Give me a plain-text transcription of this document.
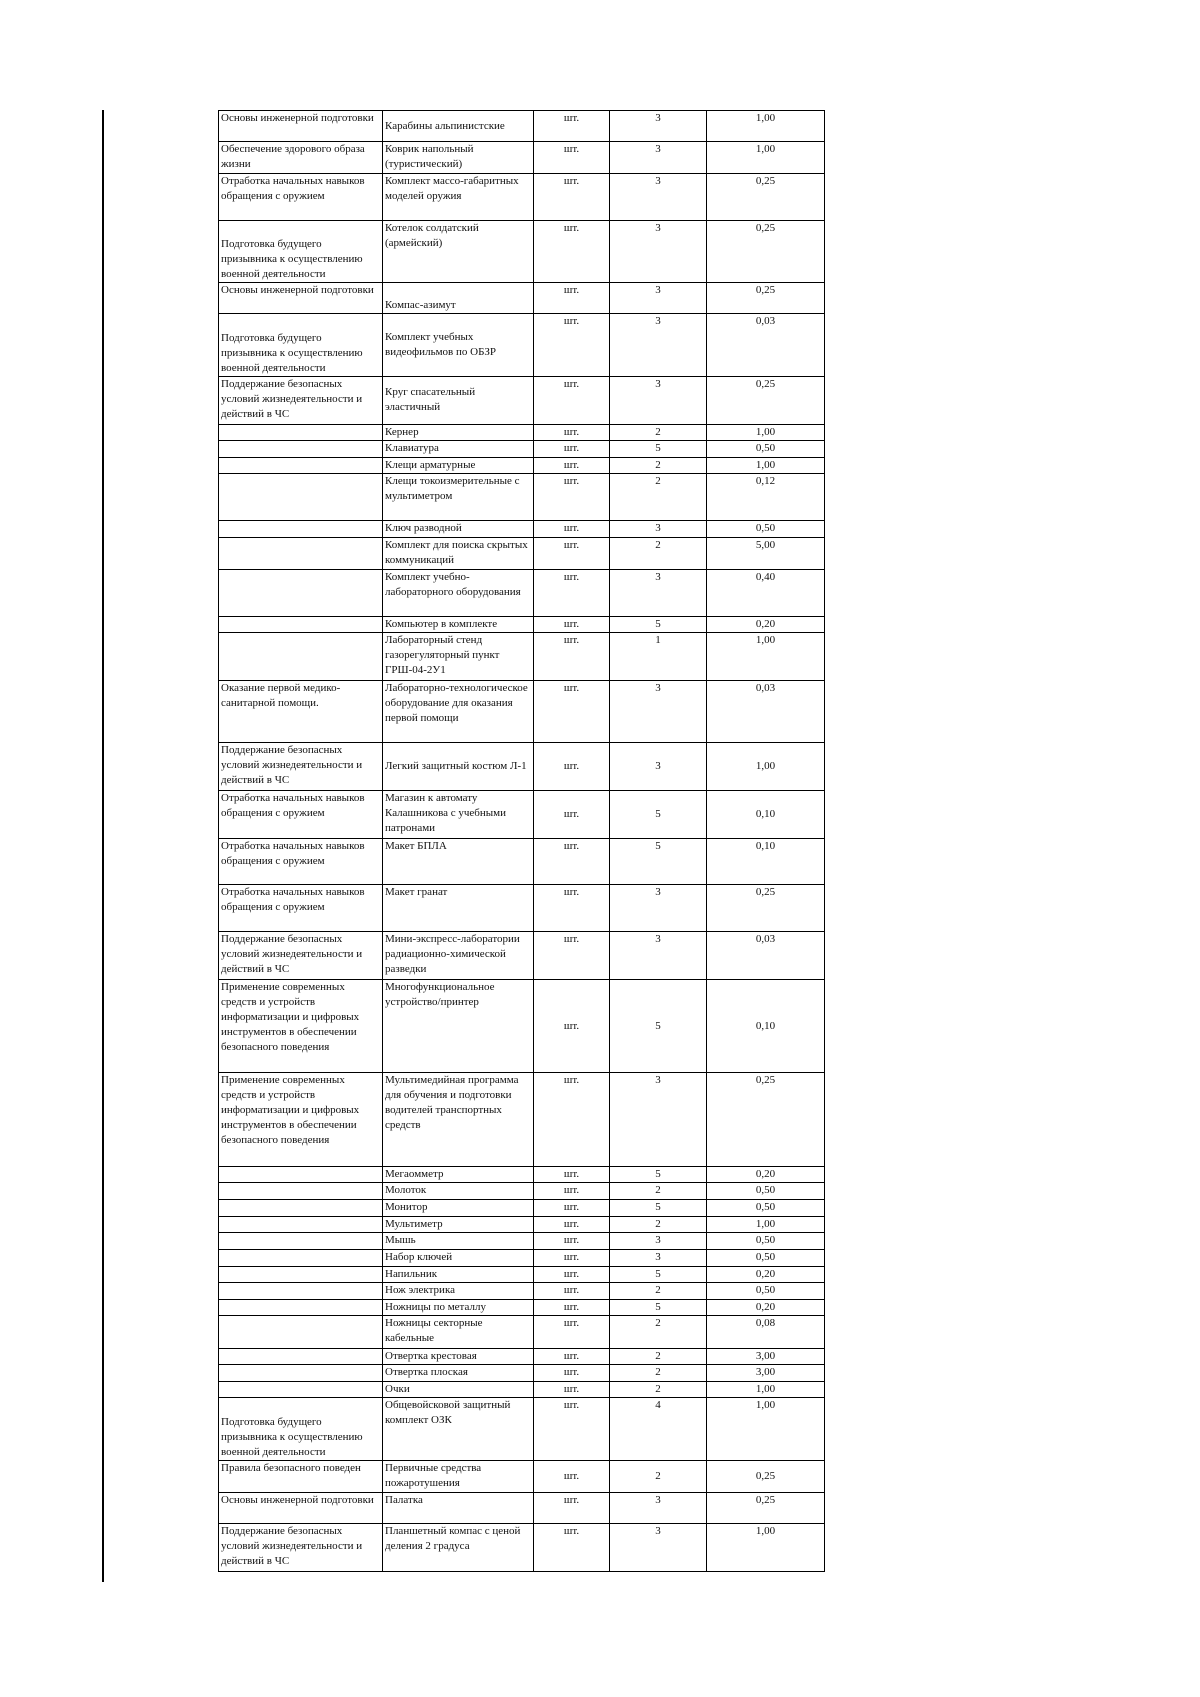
Основы инженерной подготовки	Карабины альпинистские	шт.	3	1,00
Обеспечение здорового образа жизни	Коврик напольный (туристический)	шт.	3	1,00
Отработка начальных навыков обращения с оружием	Комплект массо-габаритных моделей оружия	шт.	3	0,25
Подготовка будущего призывника к осуществлению военной деятельности	Котелок солдатский (армейский)	шт.	3	0,25
Основы инженерной подготовки	Компас-азимут	шт.	3	0,25
Подготовка будущего призывника к осуществлению военной деятельности	Комплект учебных видеофильмов по ОБЗР	шт.	3	0,03
Поддержание безопасных условий жизнедеятельности и действий в ЧС	Круг спасательный эластичный	шт.	3	0,25
	Кернер	шт.	2	1,00
	Клавиатура	шт.	5	0,50
	Клещи арматурные	шт.	2	1,00
	Клещи токоизмерительные с мультиметром	шт.	2	0,12
	Ключ разводной	шт.	3	0,50
	Комплект для поиска скрытых коммуникаций	шт.	2	5,00
	Комплект учебно-лабораторного оборудования	шт.	3	0,40
	Компьютер в комплекте	шт.	5	0,20
	Лабораторный стенд газорегуляторный пункт ГРШ-04-2У1	шт.	1	1,00
Оказание первой медико-санитарной помощи.	Лабораторно-технологическое оборудование для оказания первой помощи	шт.	3	0,03
Поддержание безопасных условий жизнедеятельности и действий в ЧС	Легкий защитный костюм Л-1	шт.	3	1,00
Отработка начальных навыков обращения с оружием	Магазин к автомату Калашникова с учебными патронами	шт.	5	0,10
Отработка начальных навыков обращения с оружием	Макет БПЛА	шт.	5	0,10
Отработка начальных навыков обращения с оружием	Макет гранат	шт.	3	0,25
Поддержание безопасных условий жизнедеятельности и действий в ЧС	Мини-экспресс-лаборатории радиационно-химической разведки	шт.	3	0,03
Применение современных средств и устройств информатизации и цифровых инструментов в обеспечении безопасного поведения	Многофункциональное устройство/принтер	шт.	5	0,10
Применение современных средств и устройств информатизации и цифровых инструментов в обеспечении безопасного поведения	Мультимедийная программа для обучения и подготовки водителей транспортных средств	шт.	3	0,25
	Мегаомметр	шт.	5	0,20
	Молоток	шт.	2	0,50
	Монитор	шт.	5	0,50
	Мультиметр	шт.	2	1,00
	Мышь	шт.	3	0,50
	Набор ключей	шт.	3	0,50
	Напильник	шт.	5	0,20
	Нож электрика	шт.	2	0,50
	Ножницы по металлу	шт.	5	0,20
	Ножницы секторные кабельные	шт.	2	0,08
	Отвертка крестовая	шт.	2	3,00
	Отвертка плоская	шт.	2	3,00
	Очки	шт.	2	1,00
Подготовка будущего призывника к осуществлению военной деятельности	Общевойсковой защитный комплект ОЗК	шт.	4	1,00
Правила безопасного поведен	Первичные средства пожаротушения	шт.	2	0,25
Основы инженерной подготовки	Палатка	шт.	3	0,25
Поддержание безопасных условий жизнедеятельности и действий в ЧС	Планшетный компас с ценой деления 2 градуса	шт.	3	1,00
